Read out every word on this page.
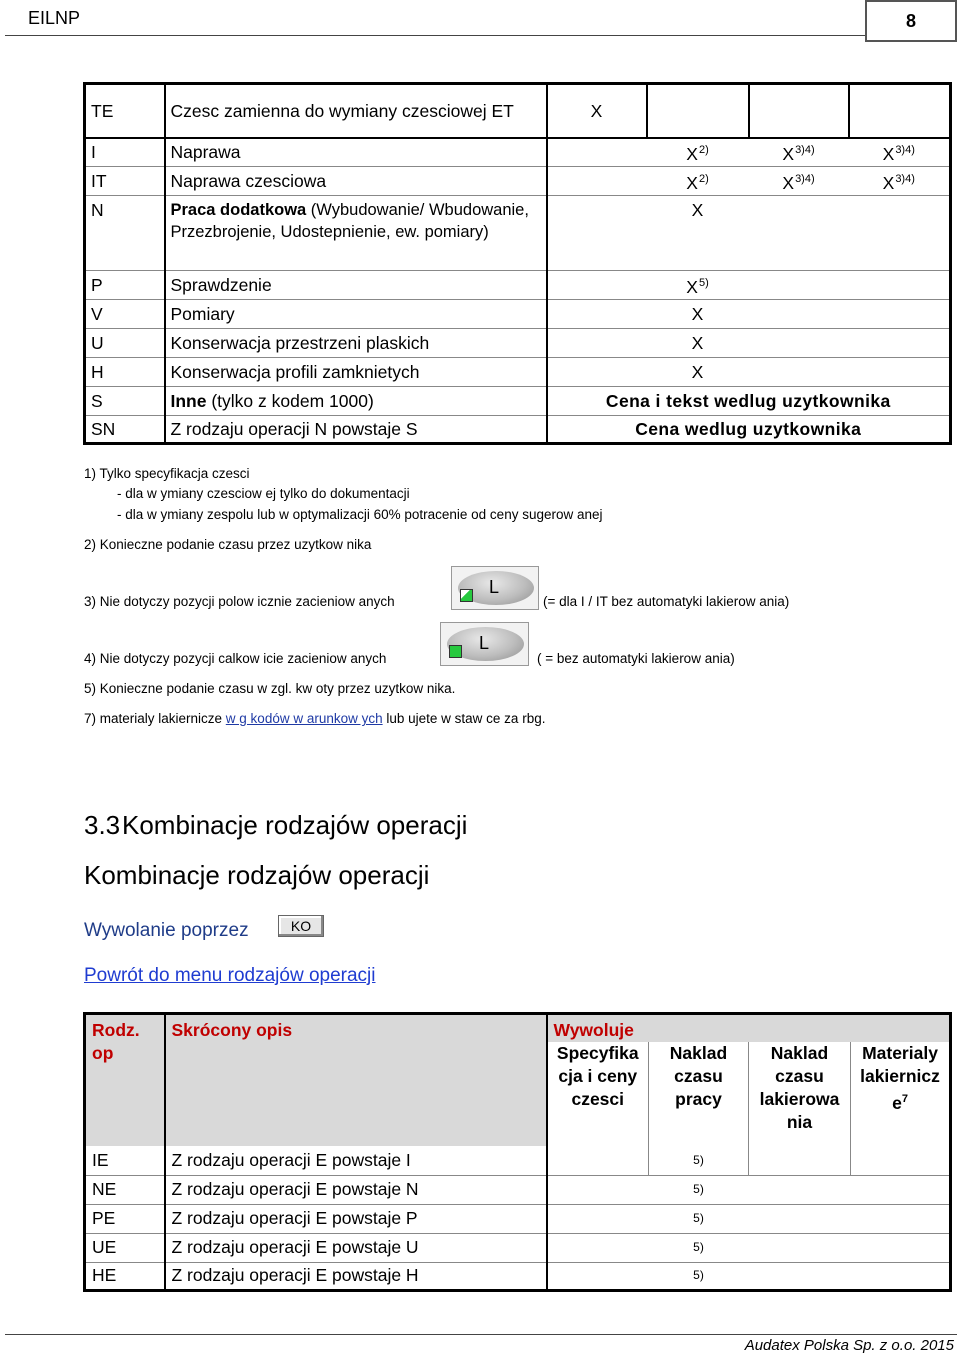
EILNP	8
TE	Czesc zamienna do wymiany czesciowej ET	X			
I	Naprawa		$X^{2)}$	$X^{3)4)}$	$X^{3)4)}$
IT	Naprawa czesciowa		$X^{2)}$	$X^{3)4)}$	$X^{3)4)}$
N	Praca dodatkowa (Wybudowanie/ Wbudowanie, Przezbrojenie, Udostepnienie, ew. pomiary)		X		
P	Sprawdzenie		$X^{5)}$		
V	Pomiary		X		
U	Konserwacja przestrzeni plaskich		X		
H	Konserwacja profili zamknietych		X		
S	Inne (tylko z kodem 1000)	Cena i tekst wedlug uzytkownika			
SN	Z rodzaju operacji N powstaje S	Cena wedlug uzytkownika			
1) Tylko specyfikacja czesci
- dla w ymiany czesciow ej tylko do dokumentacji
- dla w ymiany zespolu lub w optymalizacji 60% potracenie od ceny sugerow anej
2) Konieczne podanie czasu przez uzytkow nika
3) Nie dotyczy pozycji polow icznie zacieniow anych
L
(= dla I / IT bez automatyki lakierow ania)
4) Nie dotyczy pozycji calkow icie zacieniow anych
L
( = bez automatyki lakierow ania)
5) Konieczne podanie czasu w zgl. kw oty przez uzytkow nika.
7) materialy lakiernicze w g kodów w arunkow ych lub ujete w staw ce za rbg.
3.3 Kombinacje rodzajów operacji
Kombinacje rodzajów operacji
Wywolanie poprzez	KO
Powrót do menu rodzajów operacji
Rodz. op	Skrócony opis	Wywoluje			
		Specyfika cja i ceny czesci	Naklad czasu pracy	Naklad czasu lakierowa nia	Materialy lakiernicz $e^7$
IE	Z rodzaju operacji E powstaje I		5)		
NE	Z rodzaju operacji E powstaje N		5)		
PE	Z rodzaju operacji E powstaje P		5)		
UE	Z rodzaju operacji E powstaje U		5)		
HE	Z rodzaju operacji E powstaje H		5)		
Audatex Polska Sp. z o.o. 2015
